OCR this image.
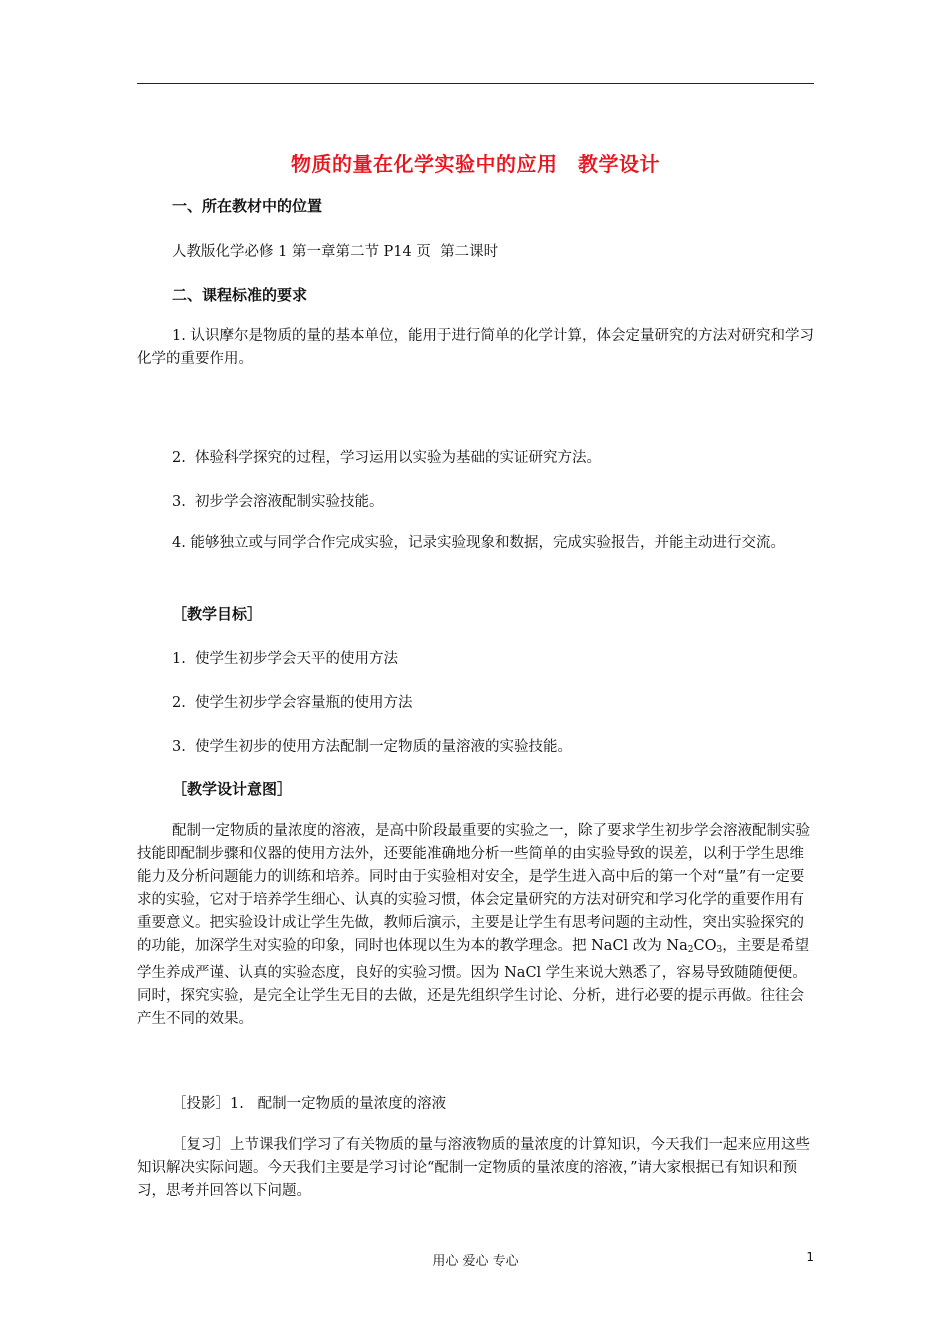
物质的量在化学实验中的应用　教学设计
一、所在教材中的位置
人教版化学必修 1 第一章第二节 P14 页  第二课时
二、课程标准的要求
1. 认识摩尔是物质的量的基本单位，能用于进行简单的化学计算，体会定量研究的方法对研究和学习化学的重要作用。
2.  体验科学探究的过程，学习运用以实验为基础的实证研究方法。
3.  初步学会溶液配制实验技能。
4. 能够独立或与同学合作完成实验，记录实验现象和数据，完成实验报告，并能主动进行交流。
［教学目标］
1.  使学生初步学会天平的使用方法
2.  使学生初步学会容量瓶的使用方法
3.  使学生初步的使用方法配制一定物质的量溶液的实验技能。
［教学设计意图］
配制一定物质的量浓度的溶液，是高中阶段最重要的实验之一，除了要求学生初步学会溶液配制实验技能即配制步骤和仪器的使用方法外，还要能准确地分析一些简单的由实验导致的误差，以利于学生思维能力及分析问题能力的训练和培养。同时由于实验相对安全，是学生进入高中后的第一个对“量”有一定要求的实验，它对于培养学生细心、认真的实验习惯，体会定量研究的方法对研究和学习化学的重要作用有重要意义。把实验设计成让学生先做，教师后演示，主要是让学生有思考问题的主动性，突出实验探究的的功能，加深学生对实验的印象，同时也体现以生为本的教学理念。把 NaCl 改为 $Na_2CO_3$，主要是希望学生养成严谨、认真的实验态度，良好的实验习惯。因为 NaCl 学生来说大熟悉了，容易导致随随便便。同时，探究实验，是完全让学生无目的去做，还是先组织学生讨论、分析，进行必要的提示再做。往往会产生不同的效果。
［投影］1.   配制一定物质的量浓度的溶液
［复习］上节课我们学习了有关物质的量与溶液物质的量浓度的计算知识，今天我们一起来应用这些知识解决实际问题。今天我们主要是学习讨论“配制一定物质的量浓度的溶液，”请大家根据已有知识和预习，思考并回答以下问题。
用心 爱心 专心	1
